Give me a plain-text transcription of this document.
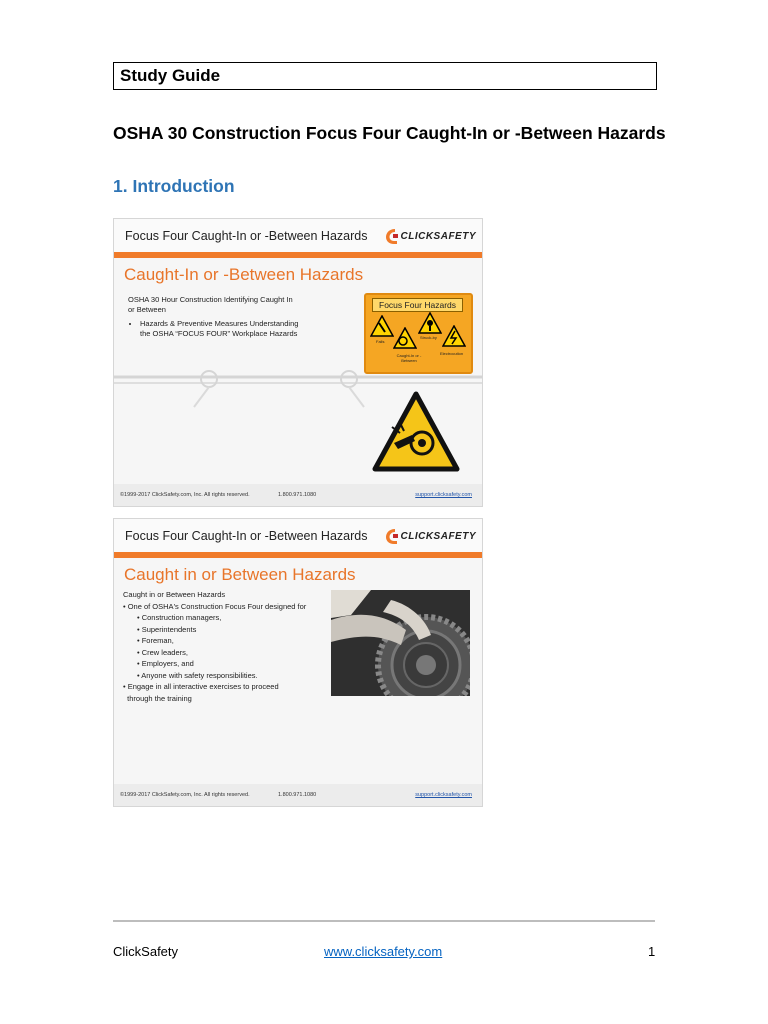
Study Guide
OSHA 30 Construction Focus Four Caught-In or -Between Hazards
1. Introduction
Focus Four Caught-In or -Between Hazards	CLICKSAFETY
Caught-In or -Between Hazards
OSHA 30 Hour Construction Identifying Caught In
or Between
• Hazards & Preventive Measures Understanding
the OSHA “FOCUS FOUR” Workplace Hazards
Focus Four Hazards
Falls
Struck-by
Caught-In or -Between
Electrocution
©1999-2017 ClickSafety.com, Inc. All rights reserved.	1.800.971.1080	support.clicksafety.com
Focus Four Caught-In or -Between Hazards	CLICKSAFETY
Caught in or Between Hazards
Caught in or Between Hazards
• One of OSHA's Construction Focus Four designed for
• Construction managers,
• Superintendents
• Foreman,
• Crew leaders,
• Employers, and
• Anyone with safety responsibilities.
• Engage in all interactive exercises to proceed
through the training
©1999-2017 ClickSafety.com, Inc. All rights reserved.	1.800.971.1080	support.clicksafety.com
ClickSafety	www.clicksafety.com	1
